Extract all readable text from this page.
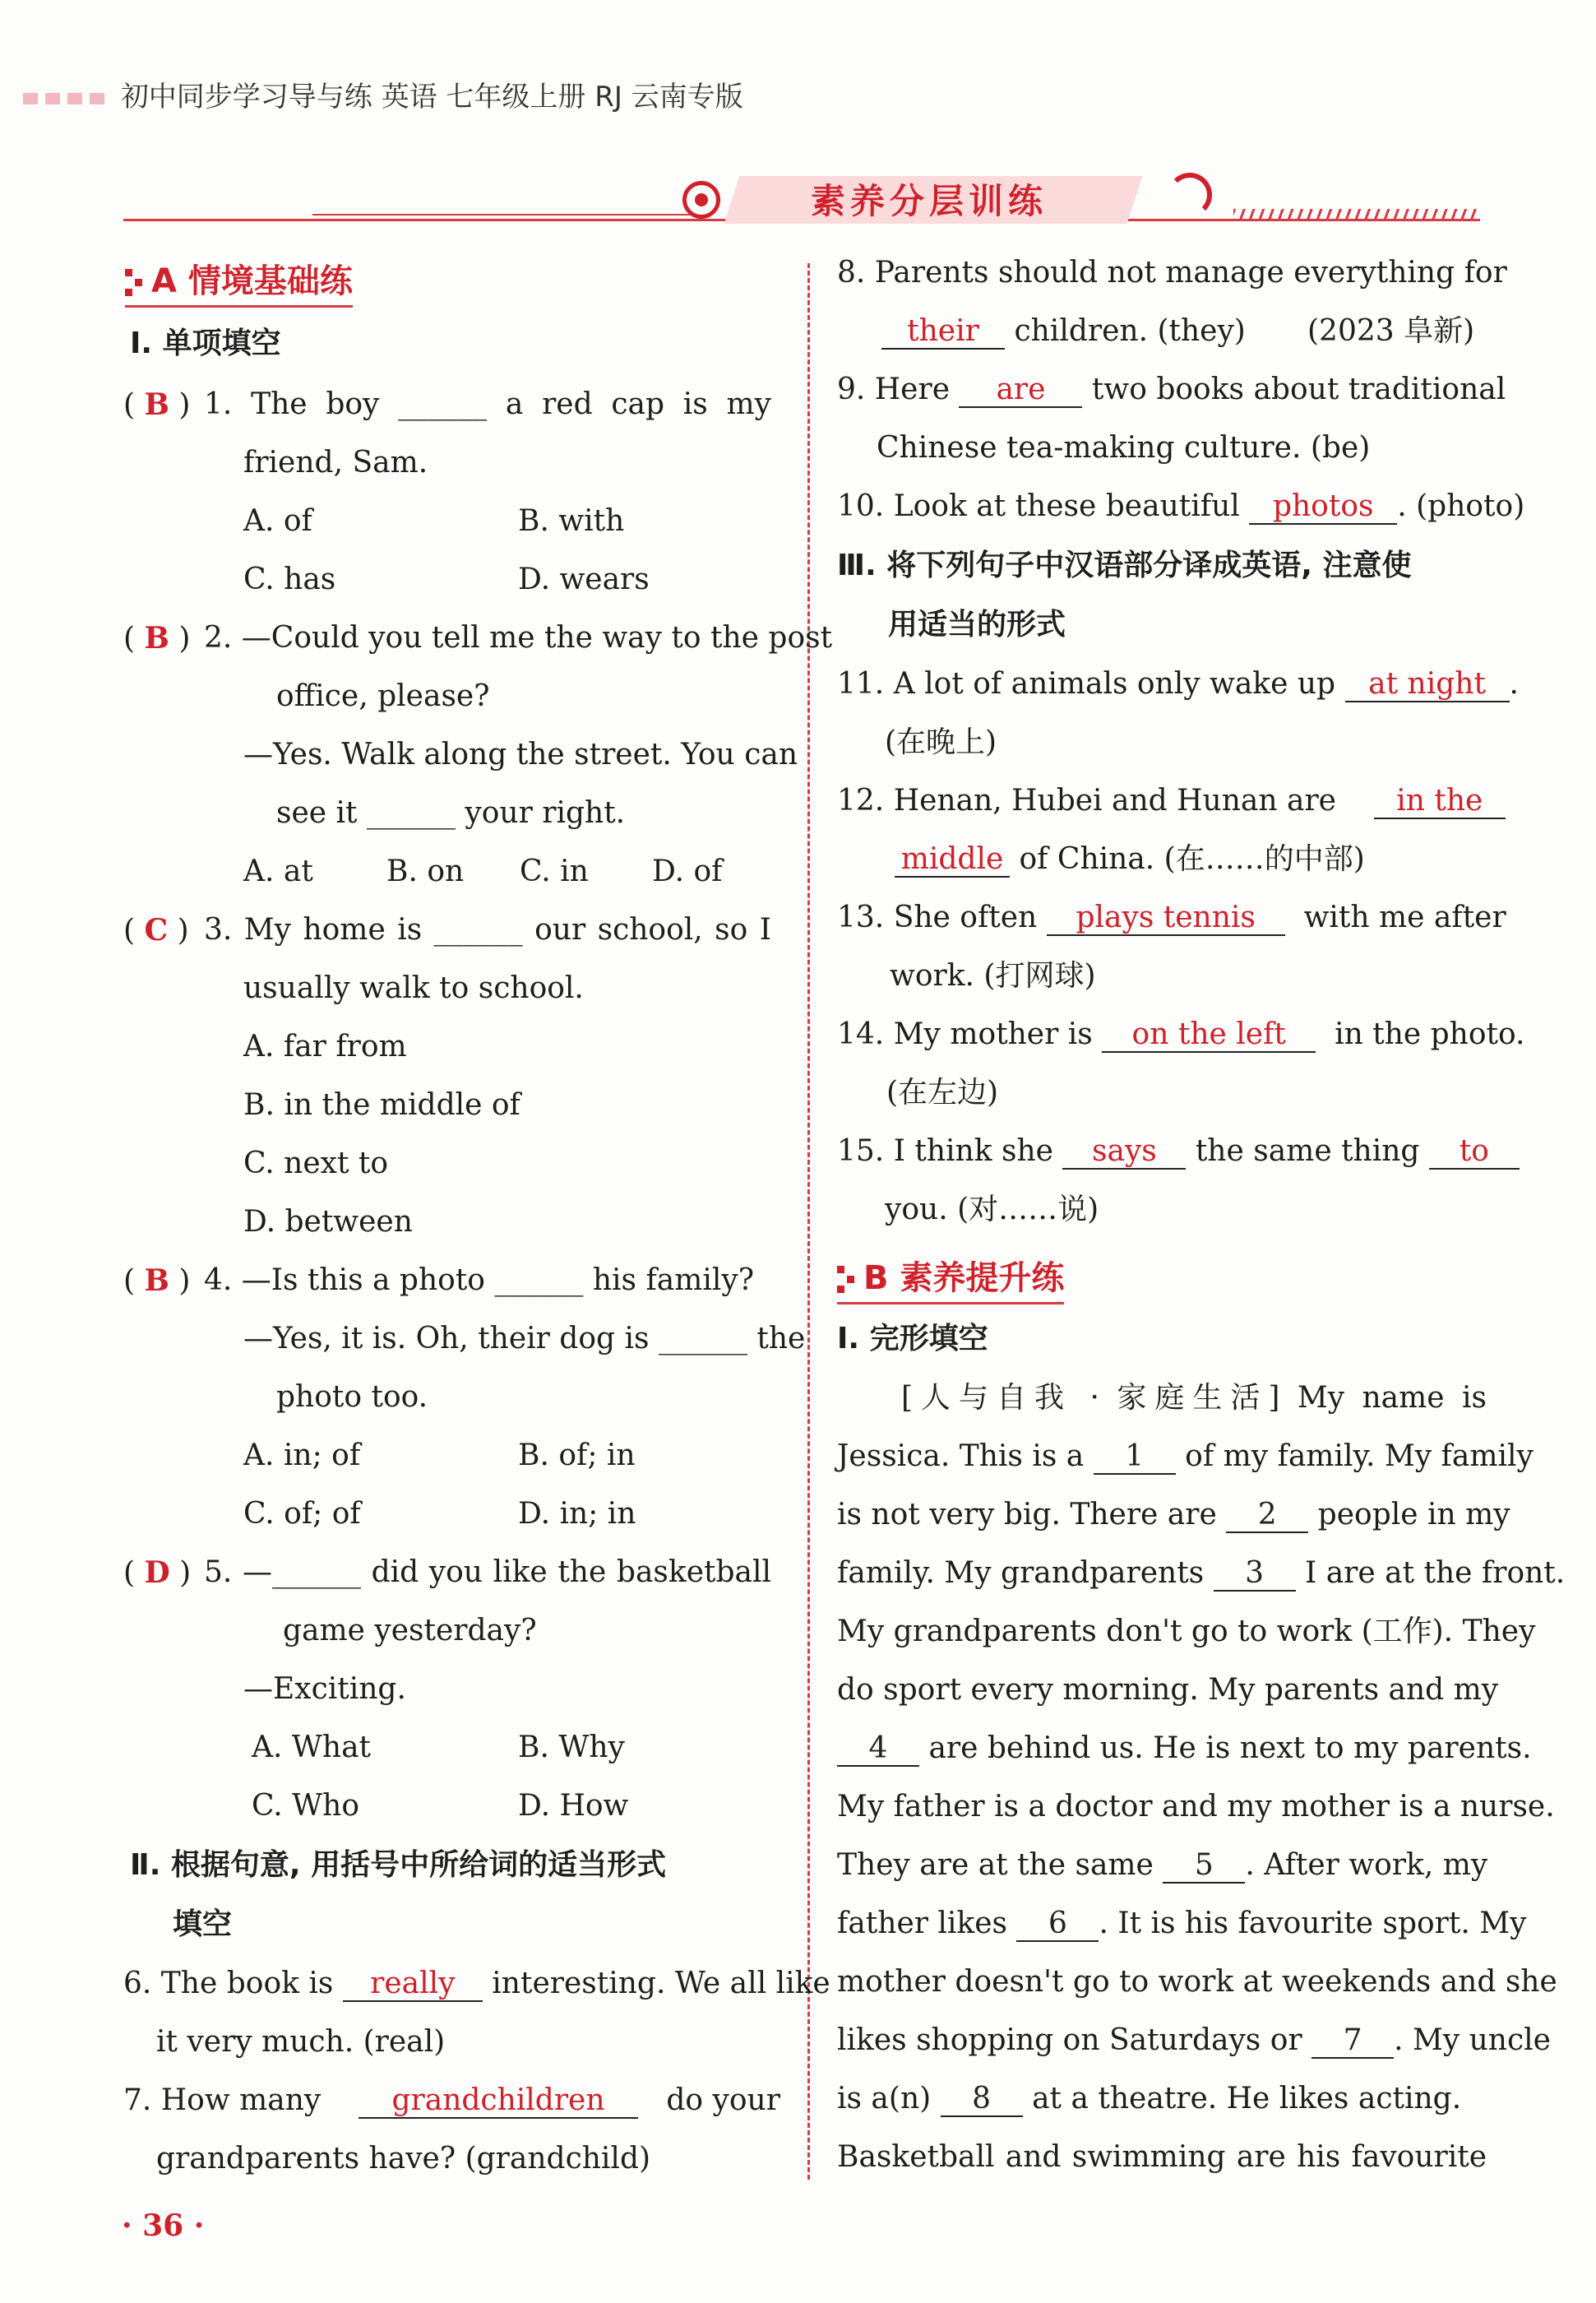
初中同步学习导与练 英语 七年级上册 RJ 云南专版
素养分层训练
A 情境基础练
Ⅰ. 单项填空
( B ) 1. The boy ______ a red cap is my
friend, Sam.
A. of	B. with
C. has	D. wears
( B ) 2. —Could you tell me the way to the post
office, please?
—Yes. Walk along the street. You can
see it ______ your right.
A. at B. on C. in D. of
( C ) 3. My home is ______ our school, so I
usually walk to school.
A. far from
B. in the middle of
C. next to
D. between
( B ) 4. —Is this a photo ______ his family?
—Yes, it is. Oh, their dog is ______ the
photo too.
A. in; of	B. of; in
C. of; of	D. in; in
( D ) 5. —______ did you like the basketball
game yesterday?
—Exciting.
A. What	B. Why
C. Who	D. How
Ⅱ. 根据句意, 用括号中所给词的适当形式
填空
6. The book is really interesting. We all like
it very much. (real)
7. How many grandchildren do your
grandparents have? (grandchild)
8. Parents should not manage everything for
their children. (they) (2023 阜新)
9. Here are two books about traditional
Chinese tea-making culture. (be)
10. Look at these beautiful photos . (photo)
Ⅲ. 将下列句子中汉语部分译成英语, 注意使
用适当的形式
11. A lot of animals only wake up at night .
(在晚上)
12. Henan, Hubei and Hunan are in the
middle of China. (在……的中部)
13. She often plays tennis with me after
work. (打网球)
14. My mother is on the left in the photo.
(在左边)
15. I think she says the same thing to
you. (对……说)
B 素养提升练
Ⅰ. 完形填空
[人与自我 · 家庭生活] My name is
Jessica. This is a 1 of my family. My family
is not very big. There are 2 people in my
family. My grandparents 3 I are at the front.
My grandparents don't go to work (工作). They
do sport every morning. My parents and my
4 are behind us. He is next to my parents.
My father is a doctor and my mother is a nurse.
They are at the same 5 . After work, my
father likes 6 . It is his favourite sport. My
mother doesn't go to work at weekends and she
likes shopping on Saturdays or 7 . My uncle
is a(n) 8 at a theatre. He likes acting.
Basketball and swimming are his favourite
· 36 ·
